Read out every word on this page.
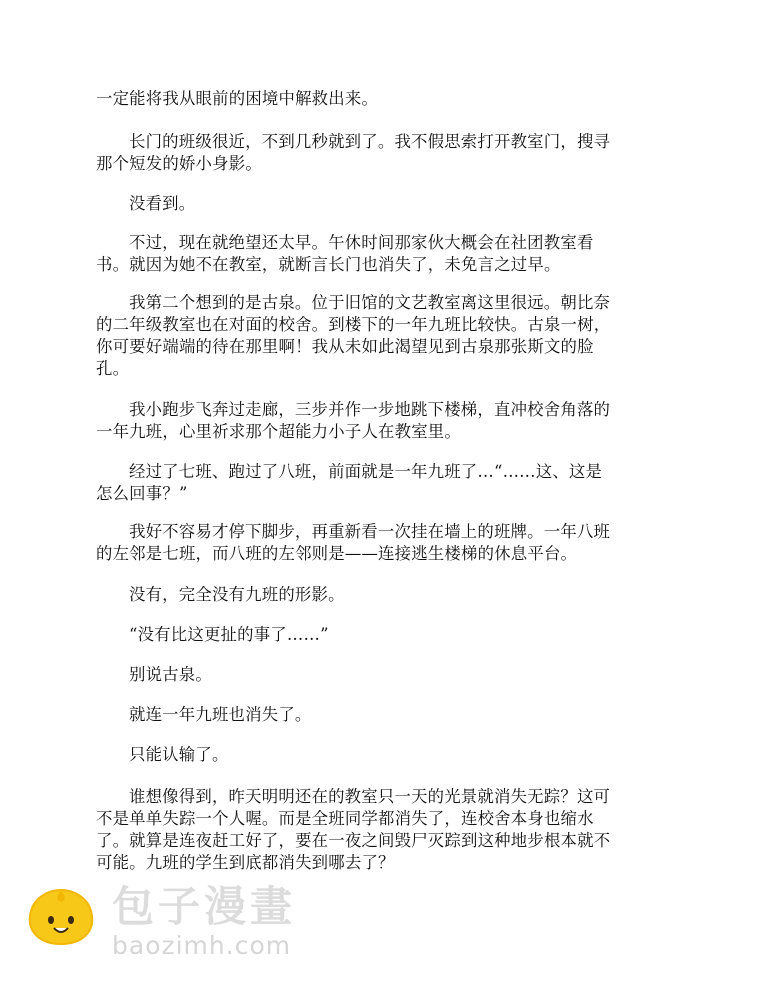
一定能将我从眼前的困境中解救出来。

长门的班级很近，不到几秒就到了。我不假思索打开教室门，搜寻
那个短发的娇小身影。

没看到。

不过，现在就绝望还太早。午休时间那家伙大概会在社团教室看
书。就因为她不在教室，就断言长门也消失了，未免言之过早。

我第二个想到的是古泉。位于旧馆的文艺教室离这里很远。朝比奈
的二年级教室也在对面的校舍。到楼下的一年九班比较快。古泉一树，
你可要好端端的待在那里啊！我从未如此渴望见到古泉那张斯文的脸
孔。

我小跑步飞奔过走廊，三步并作一步地跳下楼梯，直冲校舍角落的
一年九班，心里祈求那个超能力小子人在教室里。

经过了七班、跑过了八班，前面就是一年九班了…“……这、这是
怎么回事？”

我好不容易才停下脚步，再重新看一次挂在墙上的班牌。一年八班
的左邻是七班，而八班的左邻则是——连接逃生楼梯的休息平台。

没有，完全没有九班的形影。

“没有比这更扯的事了……”

别说古泉。

就连一年九班也消失了。

只能认输了。

谁想像得到，昨天明明还在的教室只一天的光景就消失无踪？这可
不是单单失踪一个人喔。而是全班同学都消失了，连校舍本身也缩水
了。就算是连夜赶工好了，要在一夜之间毁尸灭踪到这种地步根本就不
可能。九班的学生到底都消失到哪去了？

包子漫畫
baozimh.com
